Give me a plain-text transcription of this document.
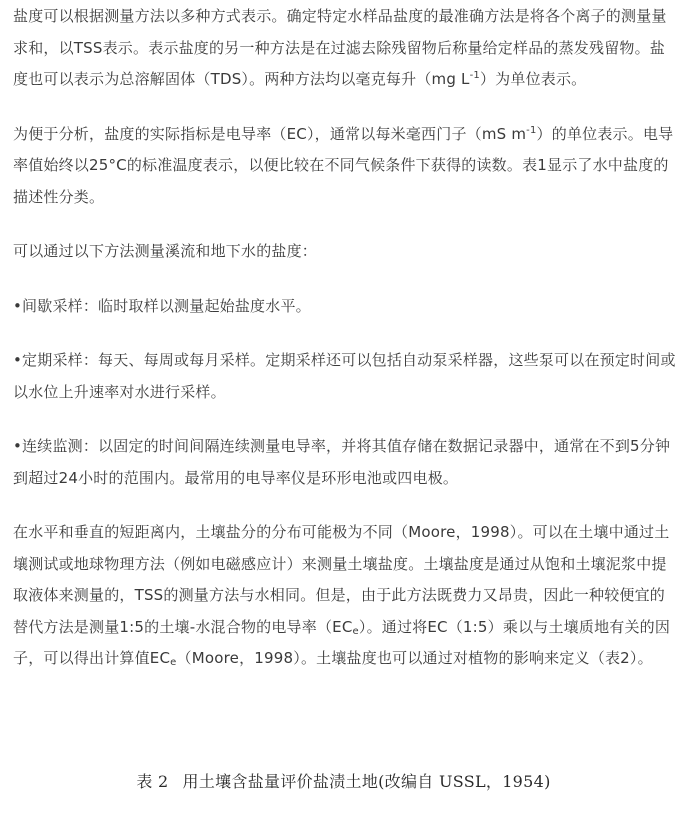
盐度可以根据测量方法以多种方式表示。确定特定水样品盐度的最准确方法是将各个离子的测量量求和，以TSS表示。表示盐度的另一种方法是在过滤去除残留物后称量给定样品的蒸发残留物。盐度也可以表示为总溶解固体（TDS）。两种方法均以毫克每升（mg $L^{-1}$）为单位表示。

为便于分析，盐度的实际指标是电导率（EC），通常以每米毫西门子（mS $m^{-1}$）的单位表示。电导率值始终以25°C的标准温度表示，以便比较在不同气候条件下获得的读数。表1显示了水中盐度的描述性分类。

可以通过以下方法测量溪流和地下水的盐度：

•间歇采样：临时取样以测量起始盐度水平。

•定期采样：每天、每周或每月采样。定期采样还可以包括自动泵采样器，这些泵可以在预定时间或以水位上升速率对水进行采样。

•连续监测：以固定的时间间隔连续测量电导率，并将其值存储在数据记录器中，通常在不到5分钟到超过24小时的范围内。最常用的电导率仪是环形电池或四电极。

在水平和垂直的短距离内，土壤盐分的分布可能极为不同（Moore，1998）。可以在土壤中通过土壤测试或地球物理方法（例如电磁感应计）来测量土壤盐度。土壤盐度是通过从饱和土壤泥浆中提取液体来测量的，TSS的测量方法与水相同。但是，由于此方法既费力又昂贵，因此一种较便宜的替代方法是测量1:5的土壤-水混合物的电导率$(EC_e)$。通过将EC（1:5）乘以与土壤质地有关的因子，可以得出计算值$EC_e(Moore$，1998）。土壤盐度也可以通过对植物的影响来定义（表2）。

表 2 用土壤含盐量评价盐渍土地(改编自 USSL，1954)
